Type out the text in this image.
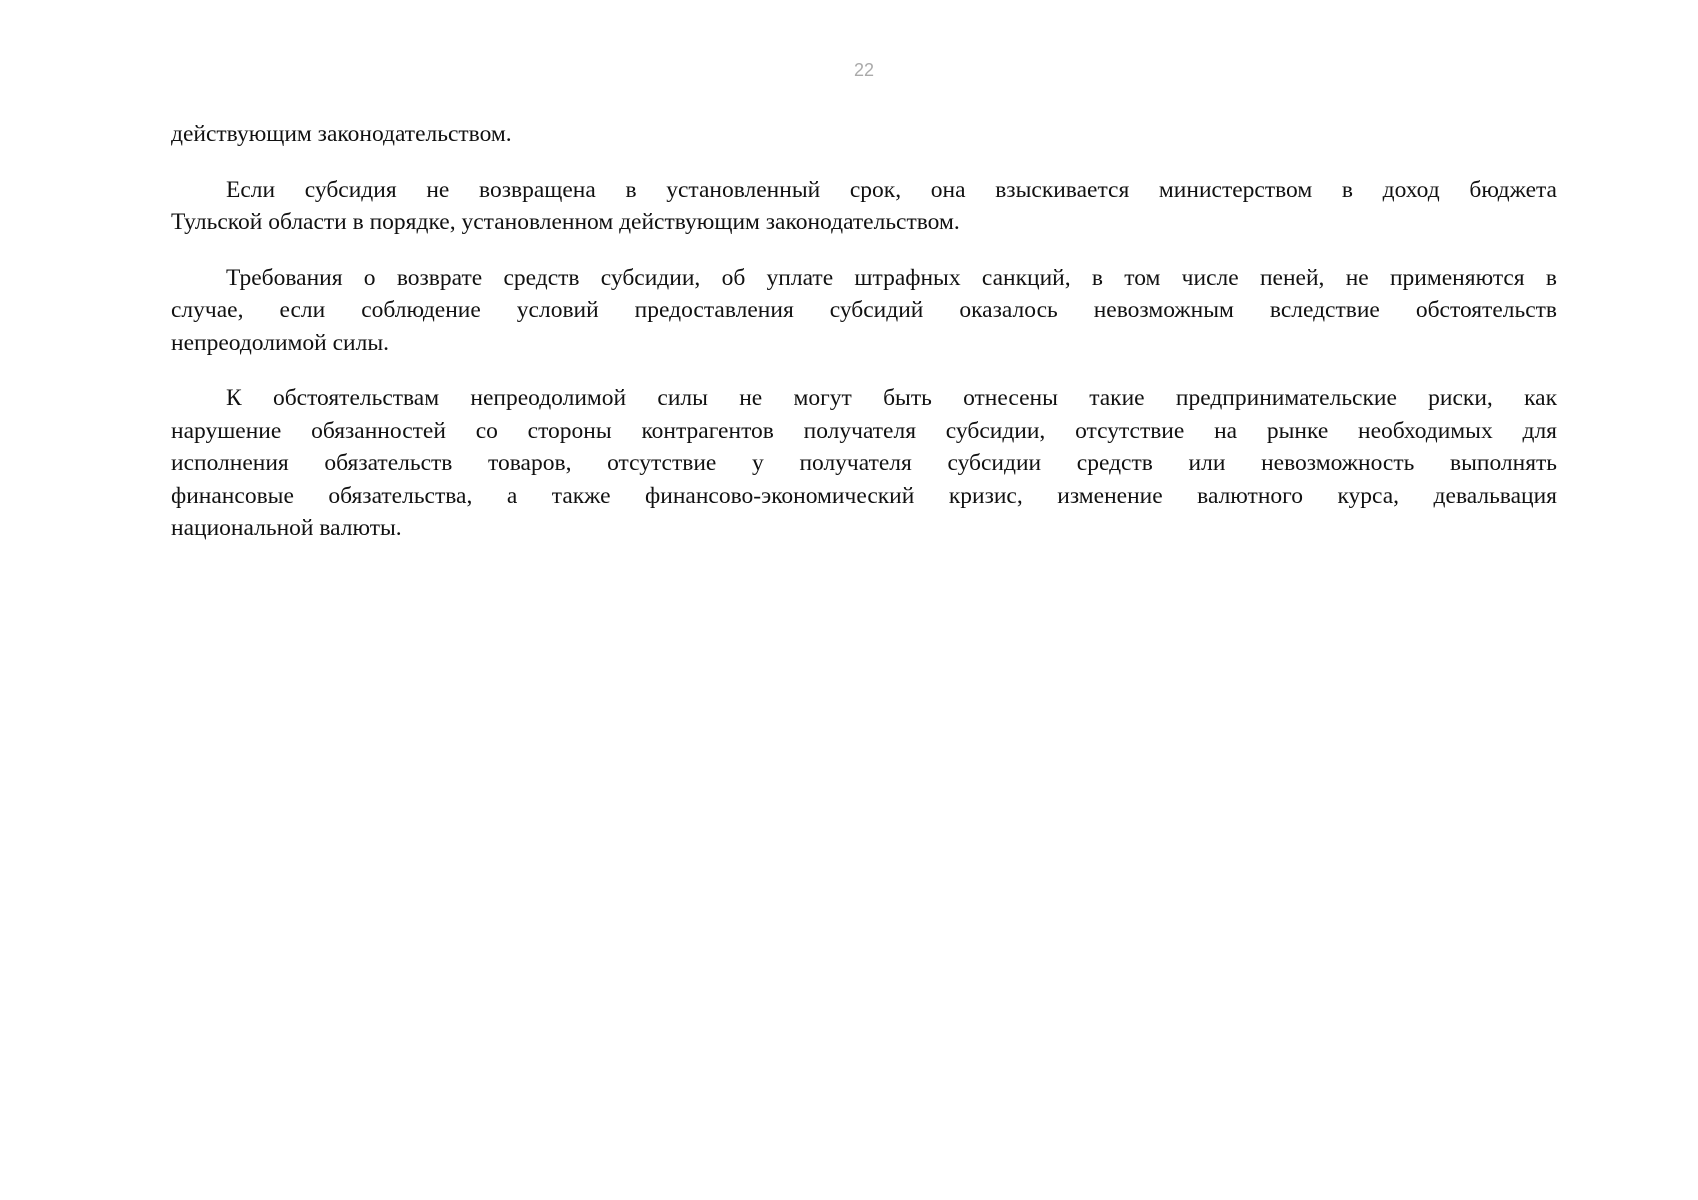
22
действующим законодательством.
Если субсидия не возвращена в установленный срок, она взыскивается министерством в доход бюджета
Тульской области в порядке, установленном действующим законодательством.
Требования о возврате средств субсидии, об уплате штрафных санкций, в том числе пеней, не применяются в
случае, если соблюдение условий предоставления субсидий оказалось невозможным вследствие обстоятельств
непреодолимой силы.
К обстоятельствам непреодолимой силы не могут быть отнесены такие предпринимательские риски, как
нарушение обязанностей со стороны контрагентов получателя субсидии, отсутствие на рынке необходимых для
исполнения обязательств товаров, отсутствие у получателя субсидии средств или невозможность выполнять
финансовые обязательства, а также финансово-экономический кризис, изменение валютного курса, девальвация
национальной валюты.
